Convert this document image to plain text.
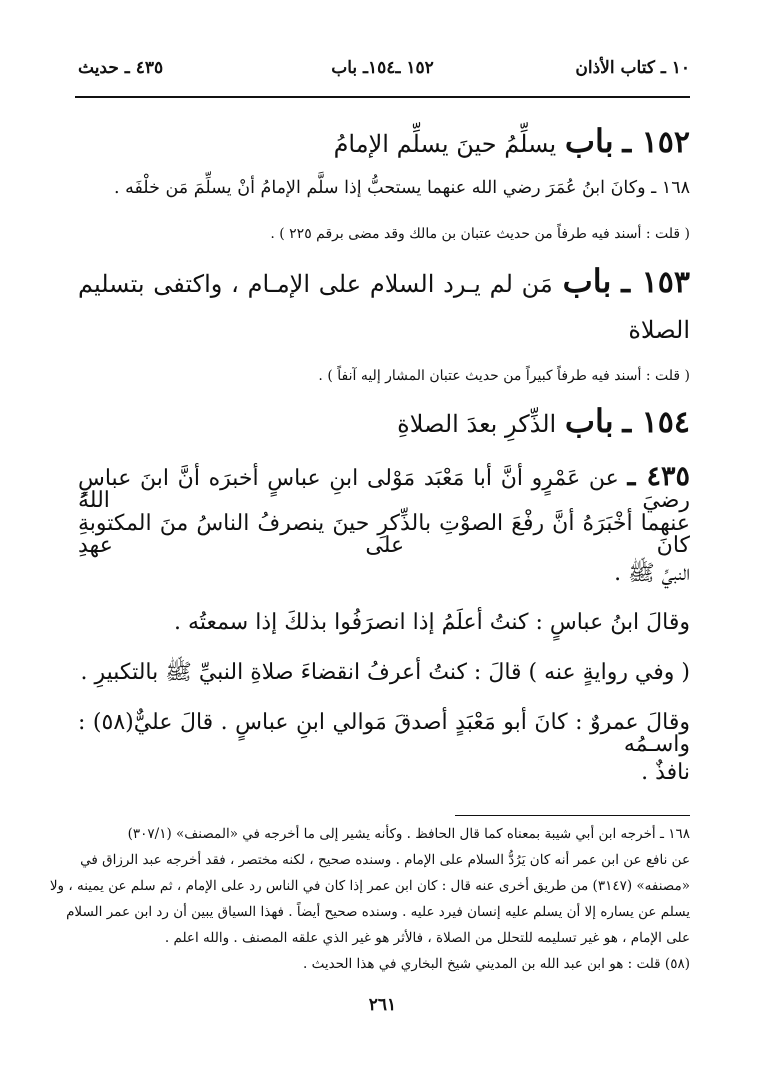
١٠ ـ كتاب الأذان
١٥٢ ـ١٥٤ـ باب
٤٣٥ ـ حديث
١٥٢ ـ باب يسلِّمُ حينَ يسلِّم الإمامُ
١٦٨ ـ وكانَ ابنُ عُمَرَ رضي الله عنهما يستحبُّ إذا سلَّم الإمامُ أنْ يسلِّمَ مَن خلْفَه .
( قلت : أسند فيه طرفاً من حديث عتبان بن مالك وقد مضى برقم ٢٢٥ ) .
١٥٣ ـ باب مَن لم يـرد السلام على الإمـام ، واكتفى بتسليم
الصلاة
( قلت : أسند فيه طرفاً كبيراً من حديث عتبان المشار إليه آنفاً ) .
١٥٤ ـ باب الذِّكرِ بعدَ الصلاةِ
٤٣٥ ـ عن عَمْرٍو أنَّ أبا مَعْبَد مَوْلى ابنِ عباسٍ أخبرَه أنَّ ابنَ عباسٍ رضيَ اللهُ
عنهما أخْبَرَهُ أنَّ رفْعَ الصوْتِ بالذِّكرِ حينَ ينصرفُ الناسُ منَ المكتوبةِ كانَ على عهدِ
النبيِّ ﷺ .
وقالَ ابنُ عباسٍ : كنتُ أعلَمُ إذا انصرَفُوا بذلكَ إذا سمعتُه .
( وفي روايةٍ عنه ) قالَ : كنتُ أعرفُ انقضاءَ صلاةِ النبيِّ ﷺ بالتكبيرِ .
وقالَ عمروٌ : كانَ أبو مَعْبَدٍ أصدقَ مَوالي ابنِ عباسٍ . قالَ عليٌّ(٥٨) : واسـمُه
نافذٌ .
١٦٨ ـ أخرجه ابن أبي شيبة بمعناه كما قال الحافظ . وكأنه يشير إلى ما أخرجه في «المصنف» (٣٠٧/١)
عن نافع عن ابن عمر أنه كان يَرُدُّ السلام على الإمام . وسنده صحيح ، لكنه مختصر ، فقد أخرجه عبد الرزاق في
«مصنفه» (٣١٤٧) من طريق أخرى عنه قال : كان ابن عمر إذا كان في الناس رد على الإمام ، ثم سلم عن يمينه ، ولا
يسلم عن يساره إلا أن يسلم عليه إنسان فيرد عليه . وسنده صحيح أيضاً . فهذا السياق يبين أن رد ابن عمر السلام
على الإمام ، هو غير تسليمه للتحلل من الصلاة ، فالأثر هو غير الذي علقه المصنف . والله اعلم .
(٥٨) قلت : هو ابن عبد الله بن المديني شيخ البخاري في هذا الحديث .
٢٦١
